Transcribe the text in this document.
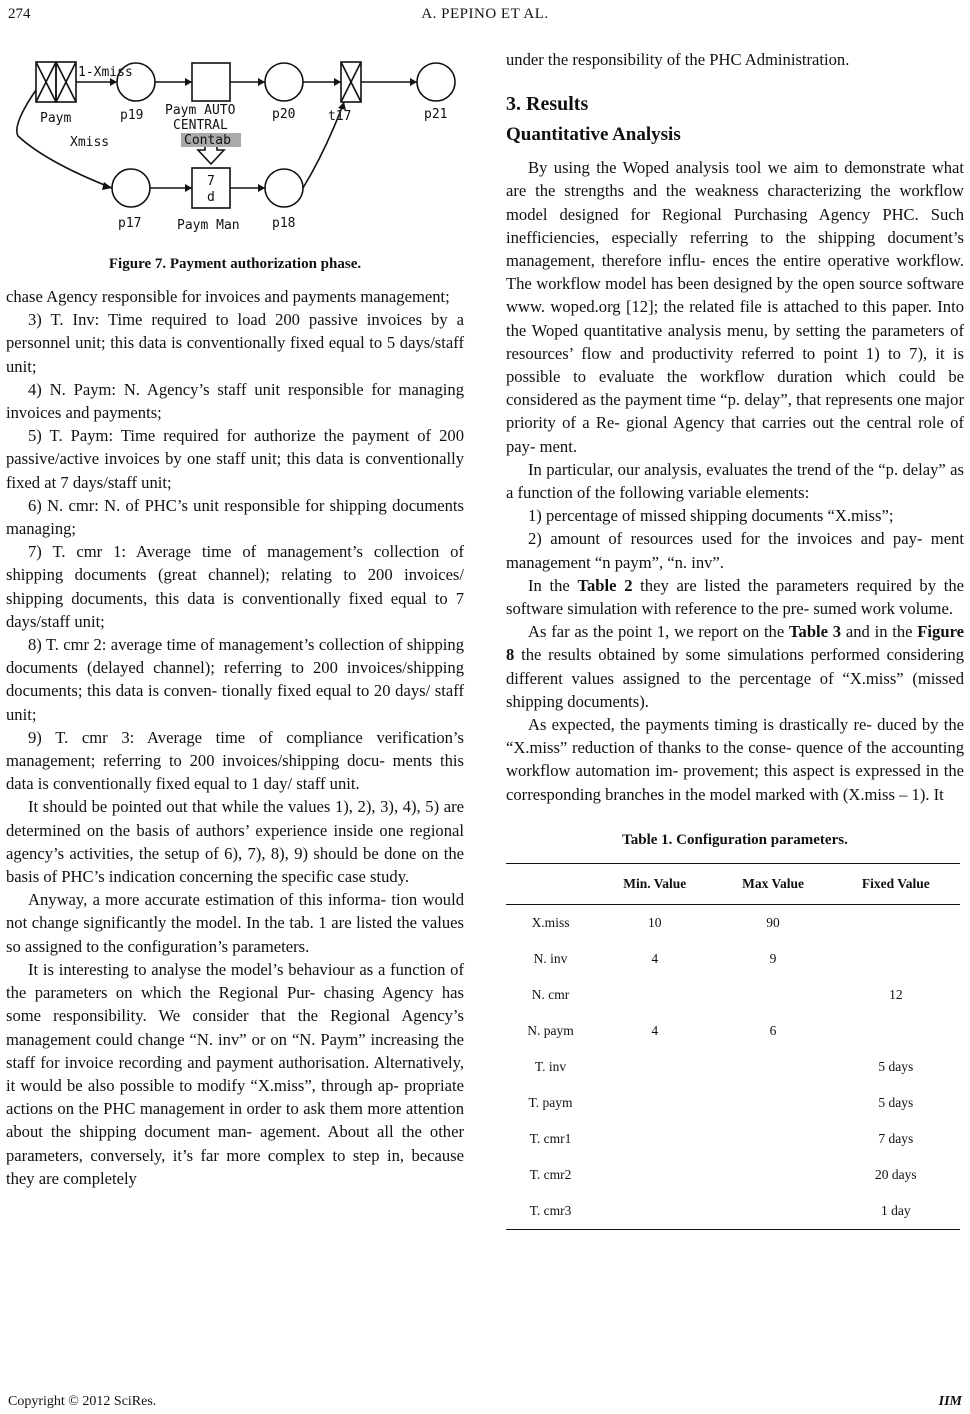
274	A. PEPINO ET AL.
1-Xmiss
Paym
Xmiss
p19 Paym AUTO
CENTRAL
Contab
p20	t17	p21
7
d
p17	Paym Man p18
Figure 7. Payment authorization phase.

chase Agency responsible for invoices and payments management;

3) T. Inv: Time required to load 200 passive invoices by a personnel unit; this data is conventionally fixed equal to 5 days/staff unit;

4) N. Paym: N. Agency’s staff unit responsible for managing invoices and payments;

5) T. Paym: Time required for authorize the payment of 200 passive/active invoices by one staff unit; this data is conventionally fixed at 7 days/staff unit;

6) N. cmr: N. of PHC’s unit responsible for shipping documents managing;

7) T. cmr 1: Average time of management’s collection of shipping documents (great channel); relating to 200 invoices/ shipping documents, this data is conventionally fixed equal to 7 days/staff unit;

8) T. cmr 2: average time of management’s collection of shipping documents (delayed channel); referring to 200 invoices/shipping documents; this data is conven- tionally fixed equal to 20 days/ staff unit;

9) T. cmr 3: Average time of compliance verification’s management; referring to 200 invoices/shipping docu- ments this data is conventionally fixed equal to 1 day/ staff unit.

It should be pointed out that while the values 1), 2), 3), 4), 5) are determined on the basis of authors’ experience inside one regional agency’s activities, the setup of 6), 7), 8), 9) should be done on the basis of PHC’s indication concerning the specific case study.

Anyway, a more accurate estimation of this informa- tion would not change significantly the model. In the tab. 1 are listed the values so assigned to the configuration’s parameters.

It is interesting to analyse the model’s behaviour as a function of the parameters on which the Regional Pur- chasing Agency has some responsibility. We consider that the Regional Agency’s management could change “N. inv” or on “N. Paym” increasing the staff for invoice recording and payment authorisation. Alternatively, it would be also possible to modify “X.miss”, through ap- propriate actions on the PHC management in order to ask them more attention about the shipping document man- agement. About all the other parameters, conversely, it’s far more complex to step in, because they are completely

under the responsibility of the PHC Administration.

3. Results
Quantitative Analysis

By using the Woped analysis tool we aim to demonstrate what are the strengths and the weakness characterizing the workflow model designed for Regional Purchasing Agency PHC. Such inefficiencies, especially referring to the shipping document’s management, therefore influ- ences the entire operative workflow. The workflow model has been designed by the open source software www. woped.org [12]; the related file is attached to this paper. Into the Woped quantitative analysis menu, by setting the parameters of resources’ flow and productivity referred to point 1) to 7), it is possible to evaluate the workflow duration which could be considered as the payment time “p. delay”, that represents one major priority of a Re- gional Agency that carries out the central role of pay- ment.

In particular, our analysis, evaluates the trend of the “p. delay” as a function of the following variable elements:

1) percentage of missed shipping documents “X.miss”;

2) amount of resources used for the invoices and pay- ment management “n paym”, “n. inv”.

In the Table 2 they are listed the parameters required by the software simulation with reference to the pre- sumed work volume.

As far as the point 1, we report on the Table 3 and in the Figure 8 the results obtained by some simulations performed considering different values assigned to the percentage of “X.miss” (missed shipping documents).

As expected, the payments timing is drastically re- duced by the “X.miss” reduction of thanks to the conse- quence of the accounting workflow automation im- provement; this aspect is expressed in the corresponding branches in the model marked with (X.miss – 1). It

Table 1. Configuration parameters.
	Min. Value	Max Value	Fixed Value
X.miss	10	90	
N. inv	4	9	
N. cmr			12
N. paym	4	6	
T. inv			5 days
T. paym			5 days
T. cmr1			7 days
T. cmr2			20 days
T. cmr3			1 day
Copyright © 2012 SciRes.	IIM
